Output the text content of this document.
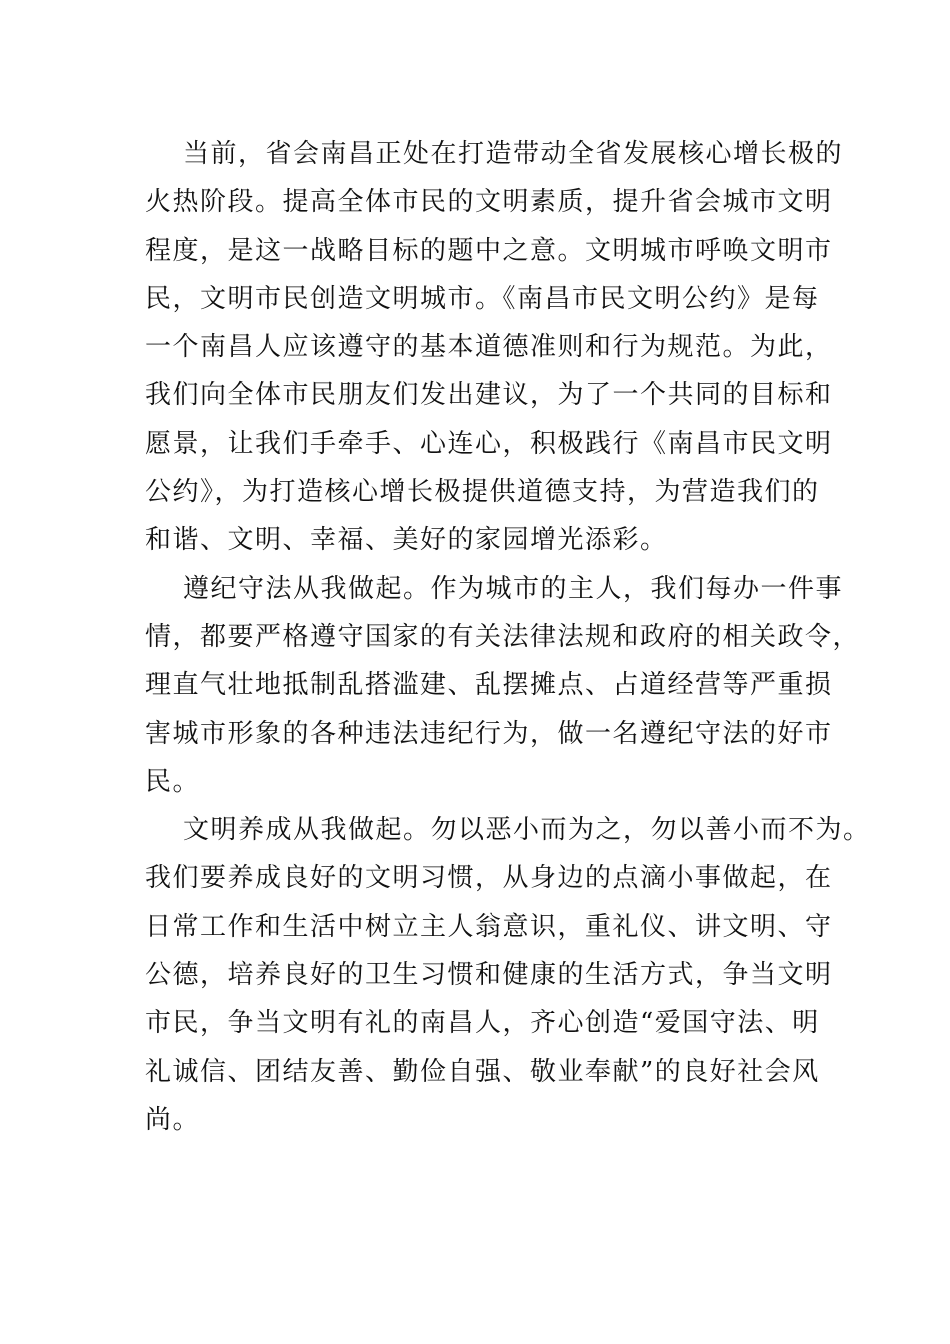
当前，省会南昌正处在打造带动全省发展核心增长极的
火热阶段。提高全体市民的文明素质，提升省会城市文明
程度，是这一战略目标的题中之意。文明城市呼唤文明市
民，文明市民创造文明城市。《南昌市民文明公约》是每
一个南昌人应该遵守的基本道德准则和行为规范。为此，
我们向全体市民朋友们发出建议，为了一个共同的目标和
愿景，让我们手牵手、心连心，积极践行《南昌市民文明
公约》，为打造核心增长极提供道德支持，为营造我们的
和谐、文明、幸福、美好的家园增光添彩。
遵纪守法从我做起。作为城市的主人，我们每办一件事
情，都要严格遵守国家的有关法律法规和政府的相关政令，
理直气壮地抵制乱搭滥建、乱摆摊点、占道经营等严重损
害城市形象的各种违法违纪行为，做一名遵纪守法的好市
民。
文明养成从我做起。勿以恶小而为之，勿以善小而不为。
我们要养成良好的文明习惯，从身边的点滴小事做起，在
日常工作和生活中树立主人翁意识，重礼仪、讲文明、守
公德，培养良好的卫生习惯和健康的生活方式，争当文明
市民，争当文明有礼的南昌人，齐心创造“爱国守法、明
礼诚信、团结友善、勤俭自强、敬业奉献”的良好社会风
尚。
